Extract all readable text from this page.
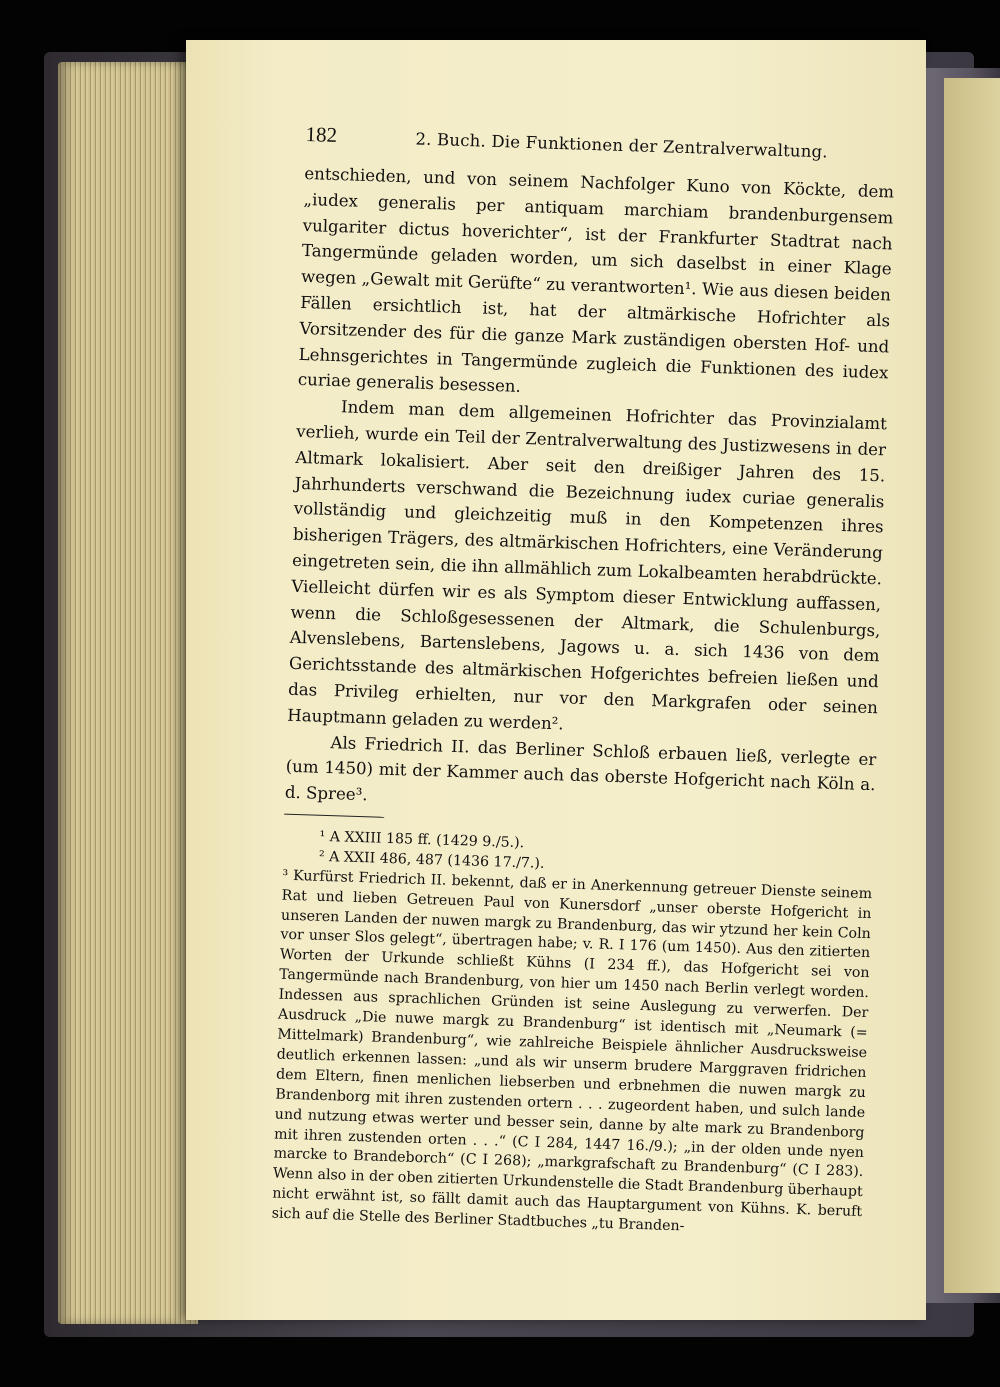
182	2. Buch. Die Funktionen der Zentralverwaltung.

entschieden, und von seinem Nachfolger Kuno von Köckte, dem „iudex generalis per antiquam marchiam brandenburgensem vulgariter dictus hoverichter“, ist der Frankfurter Stadtrat nach Tangermünde geladen worden, um sich daselbst in einer Klage wegen „Gewalt mit Gerüfte“ zu verantworten¹. Wie aus diesen beiden Fällen ersichtlich ist, hat der altmärkische Hofrichter als Vorsitzender des für die ganze Mark zuständigen obersten Hof- und Lehnsgerichtes in Tangermünde zugleich die Funktionen des iudex curiae generalis besessen.

Indem man dem allgemeinen Hofrichter das Provinzialamt verlieh, wurde ein Teil der Zentralverwaltung des Justizwesens in der Altmark lokalisiert. Aber seit den dreißiger Jahren des 15. Jahrhunderts verschwand die Bezeichnung iudex curiae generalis vollständig und gleichzeitig muß in den Kompetenzen ihres bisherigen Trägers, des altmärkischen Hofrichters, eine Veränderung eingetreten sein, die ihn allmählich zum Lokalbeamten herabdrückte. Vielleicht dürfen wir es als Symptom dieser Entwicklung auffassen, wenn die Schloßgesessenen der Altmark, die Schulenburgs, Alvenslebens, Bartenslebens, Jagows u. a. sich 1436 von dem Gerichtsstande des altmärkischen Hofgerichtes befreien ließen und das Privileg erhielten, nur vor den Markgrafen oder seinen Hauptmann geladen zu werden².

Als Friedrich II. das Berliner Schloß erbauen ließ, verlegte er (um 1450) mit der Kammer auch das oberste Hofgericht nach Köln a. d. Spree³.

¹ A XXIII 185 ff. (1429 9./5.).

² A XXII 486, 487 (1436 17./7.).

³ Kurfürst Friedrich II. bekennt, daß er in Anerkennung getreuer Dienste seinem Rat und lieben Getreuen Paul von Kunersdorf „unser oberste Hofgericht in unseren Landen der nuwen margk zu Brandenburg, das wir ytzund her kein Coln vor unser Slos gelegt“, übertragen habe; v. R. I 176 (um 1450). Aus den zitierten Worten der Urkunde schließt Kühns (I 234 ff.), das Hofgericht sei von Tangermünde nach Brandenburg, von hier um 1450 nach Berlin verlegt worden. Indessen aus sprachlichen Gründen ist seine Auslegung zu verwerfen. Der Ausdruck „Die nuwe margk zu Brandenburg“ ist identisch mit „Neumark (= Mittelmark) Brandenburg“, wie zahlreiche Beispiele ähnlicher Ausdrucksweise deutlich erkennen lassen: „und als wir unserm brudere Marggraven fridrichen dem Eltern, finen menlichen liebserben und erbnehmen die nuwen margk zu Brandenborg mit ihren zustenden ortern . . . zugeordent haben, und sulch lande und nutzung etwas werter und besser sein, danne by alte mark zu Brandenborg mit ihren zustenden orten . . .“ (C I 284, 1447 16./9.); „in der olden unde nyen marcke to Brandeborch“ (C I 268); „markgrafschaft zu Brandenburg“ (C I 283). Wenn also in der oben zitierten Urkundenstelle die Stadt Brandenburg überhaupt nicht erwähnt ist, so fällt damit auch das Hauptargument von Kühns. K. beruft sich auf die Stelle des Berliner Stadtbuches „tu Branden-
